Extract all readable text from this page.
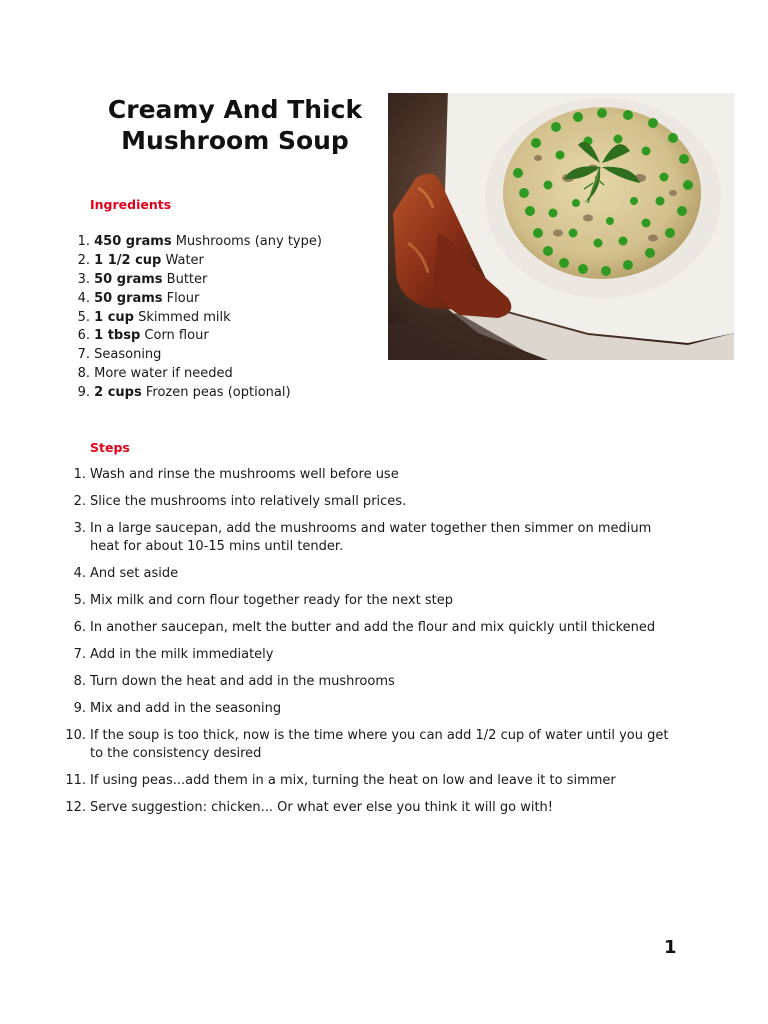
Creamy And Thick
Mushroom Soup
Ingredients
1. 450 grams Mushrooms (any type)
2. 1 1/2 cup Water
3. 50 grams Butter
4. 50 grams Flour
5. 1 cup Skimmed milk
6. 1 tbsp Corn flour
7. Seasoning
8. More water if needed
9. 2 cups Frozen peas (optional)
Steps
1. Wash and rinse the mushrooms well before use
2. Slice the mushrooms into relatively small prices.
3. In a large saucepan, add the mushrooms and water together then simmer on medium heat for about 10-15 mins until tender.
4. And set aside
5. Mix milk and corn flour together ready for the next step
6. In another saucepan, melt the butter and add the flour and mix quickly until thickened
7. Add in the milk immediately
8. Turn down the heat and add in the mushrooms
9. Mix and add in the seasoning
10. If the soup is too thick, now is the time where you can add 1/2 cup of water until you get to the consistency desired
11. If using peas...add them in a mix, turning the heat on low and leave it to simmer
12. Serve suggestion: chicken... Or what ever else you think it will go with!
1
